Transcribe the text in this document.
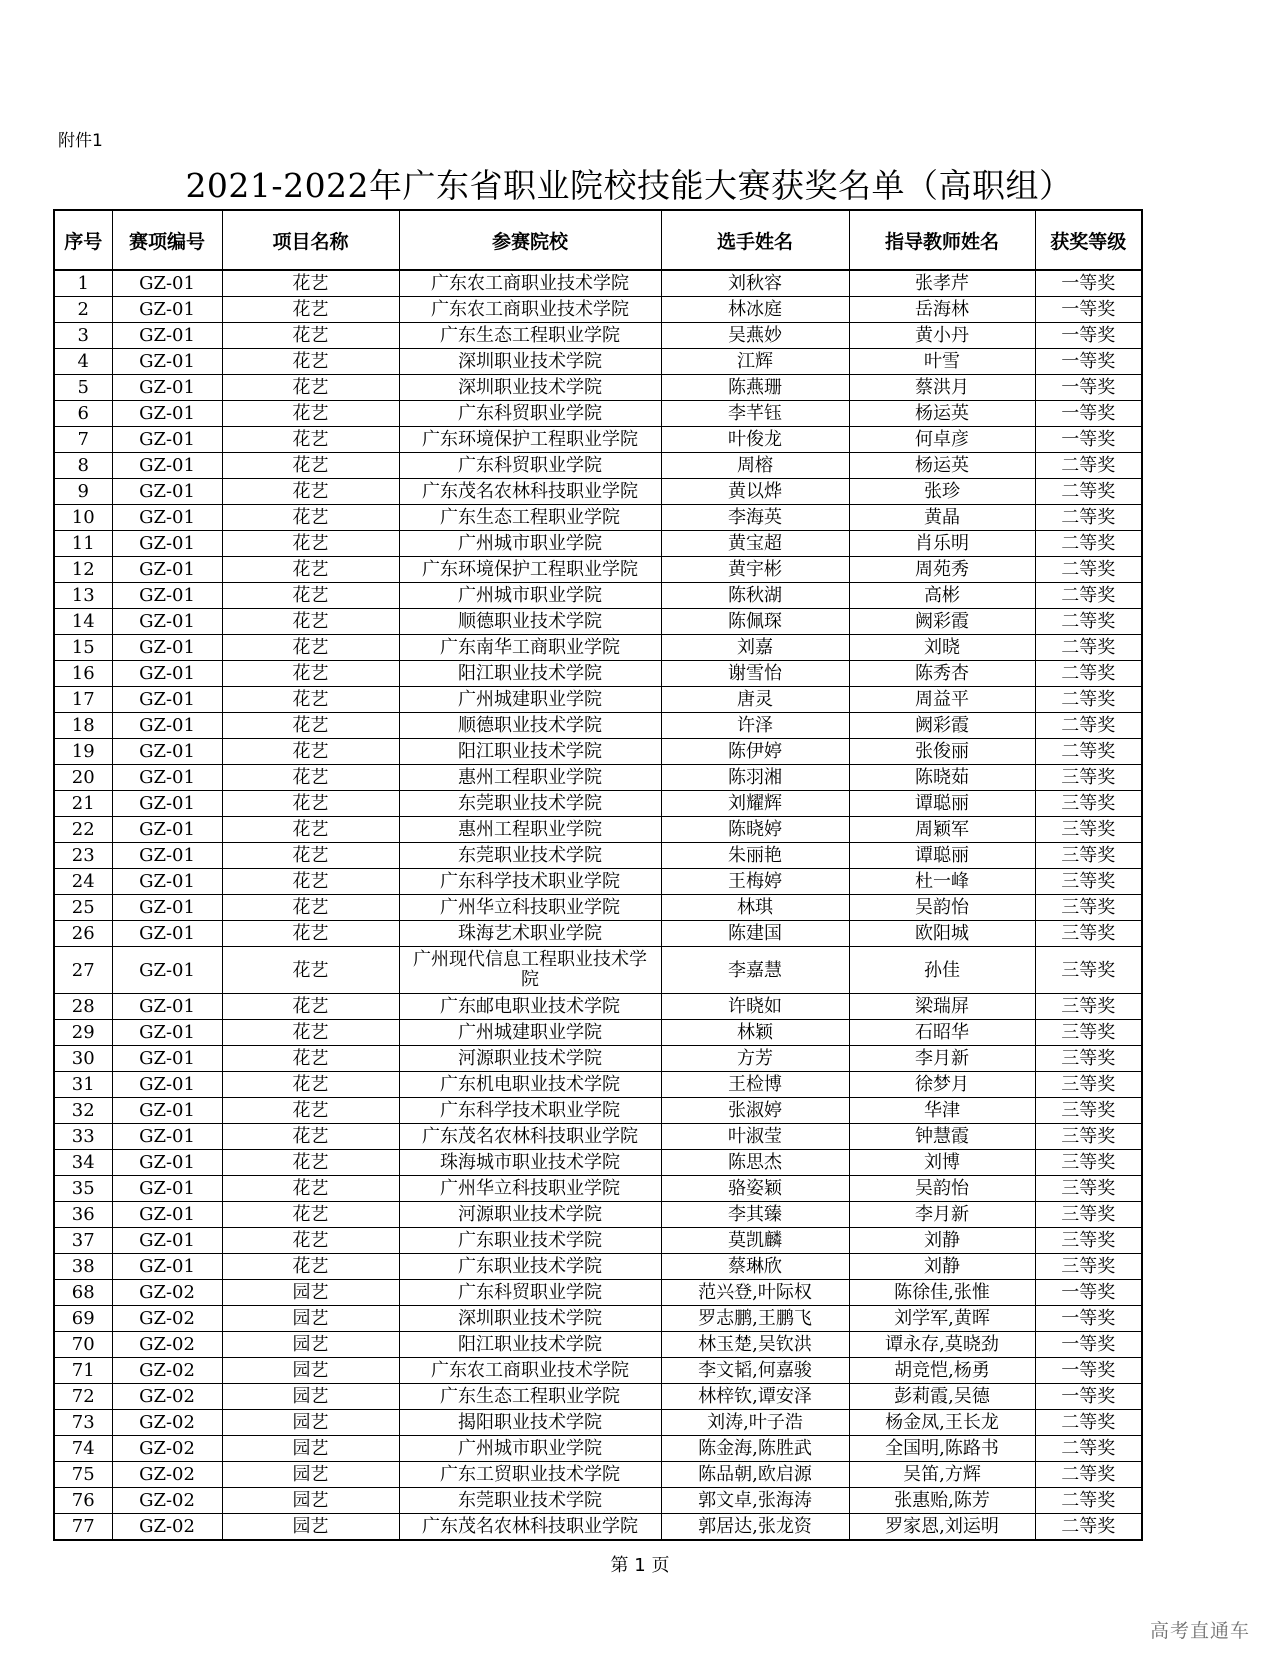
附件1
2021-2022年广东省职业院校技能大赛获奖名单（高职组）
序号	赛项编号	项目名称	参赛院校	选手姓名	指导教师姓名	获奖等级
1	GZ-01	花艺	广东农工商职业技术学院	刘秋容	张孝芹	一等奖
2	GZ-01	花艺	广东农工商职业技术学院	林冰庭	岳海林	一等奖
3	GZ-01	花艺	广东生态工程职业学院	吴燕妙	黄小丹	一等奖
4	GZ-01	花艺	深圳职业技术学院	江辉	叶雪	一等奖
5	GZ-01	花艺	深圳职业技术学院	陈燕珊	蔡洪月	一等奖
6	GZ-01	花艺	广东科贸职业学院	李芊钰	杨运英	一等奖
7	GZ-01	花艺	广东环境保护工程职业学院	叶俊龙	何卓彦	一等奖
8	GZ-01	花艺	广东科贸职业学院	周榕	杨运英	二等奖
9	GZ-01	花艺	广东茂名农林科技职业学院	黄以烨	张珍	二等奖
10	GZ-01	花艺	广东生态工程职业学院	李海英	黄晶	二等奖
11	GZ-01	花艺	广州城市职业学院	黄宝超	肖乐明	二等奖
12	GZ-01	花艺	广东环境保护工程职业学院	黄宇彬	周苑秀	二等奖
13	GZ-01	花艺	广州城市职业学院	陈秋湖	高彬	二等奖
14	GZ-01	花艺	顺德职业技术学院	陈佩琛	阙彩霞	二等奖
15	GZ-01	花艺	广东南华工商职业学院	刘嘉	刘晓	二等奖
16	GZ-01	花艺	阳江职业技术学院	谢雪怡	陈秀杏	二等奖
17	GZ-01	花艺	广州城建职业学院	唐灵	周益平	二等奖
18	GZ-01	花艺	顺德职业技术学院	许泽	阙彩霞	二等奖
19	GZ-01	花艺	阳江职业技术学院	陈伊婷	张俊丽	二等奖
20	GZ-01	花艺	惠州工程职业学院	陈羽湘	陈晓茹	三等奖
21	GZ-01	花艺	东莞职业技术学院	刘耀辉	谭聪丽	三等奖
22	GZ-01	花艺	惠州工程职业学院	陈晓婷	周颖军	三等奖
23	GZ-01	花艺	东莞职业技术学院	朱丽艳	谭聪丽	三等奖
24	GZ-01	花艺	广东科学技术职业学院	王梅婷	杜一峰	三等奖
25	GZ-01	花艺	广州华立科技职业学院	林琪	吴韵怡	三等奖
26	GZ-01	花艺	珠海艺术职业学院	陈建国	欧阳城	三等奖
27	GZ-01	花艺	广州现代信息工程职业技术学院	李嘉慧	孙佳	三等奖
28	GZ-01	花艺	广东邮电职业技术学院	许晓如	梁瑞屏	三等奖
29	GZ-01	花艺	广州城建职业学院	林颖	石昭华	三等奖
30	GZ-01	花艺	河源职业技术学院	方芳	李月新	三等奖
31	GZ-01	花艺	广东机电职业技术学院	王检博	徐梦月	三等奖
32	GZ-01	花艺	广东科学技术职业学院	张淑婷	华津	三等奖
33	GZ-01	花艺	广东茂名农林科技职业学院	叶淑莹	钟慧霞	三等奖
34	GZ-01	花艺	珠海城市职业技术学院	陈思杰	刘博	三等奖
35	GZ-01	花艺	广州华立科技职业学院	骆姿颖	吴韵怡	三等奖
36	GZ-01	花艺	河源职业技术学院	李其臻	李月新	三等奖
37	GZ-01	花艺	广东职业技术学院	莫凯麟	刘静	三等奖
38	GZ-01	花艺	广东职业技术学院	蔡琳欣	刘静	三等奖
68	GZ-02	园艺	广东科贸职业学院	范兴登,叶际权	陈徐佳,张惟	一等奖
69	GZ-02	园艺	深圳职业技术学院	罗志鹏,王鹏飞	刘学军,黄晖	一等奖
70	GZ-02	园艺	阳江职业技术学院	林玉楚,吴钦洪	谭永存,莫晓劲	一等奖
71	GZ-02	园艺	广东农工商职业技术学院	李文韬,何嘉骏	胡竞恺,杨勇	一等奖
72	GZ-02	园艺	广东生态工程职业学院	林梓钦,谭安泽	彭莉霞,吴德	一等奖
73	GZ-02	园艺	揭阳职业技术学院	刘涛,叶子浩	杨金凤,王长龙	二等奖
74	GZ-02	园艺	广州城市职业学院	陈金海,陈胜武	全国明,陈路书	二等奖
75	GZ-02	园艺	广东工贸职业技术学院	陈品朝,欧启源	吴笛,方辉	二等奖
76	GZ-02	园艺	东莞职业技术学院	郭文卓,张海涛	张惠贻,陈芳	二等奖
77	GZ-02	园艺	广东茂名农林科技职业学院	郭居达,张龙资	罗家恩,刘运明	二等奖
第 1 页
高考直通车
